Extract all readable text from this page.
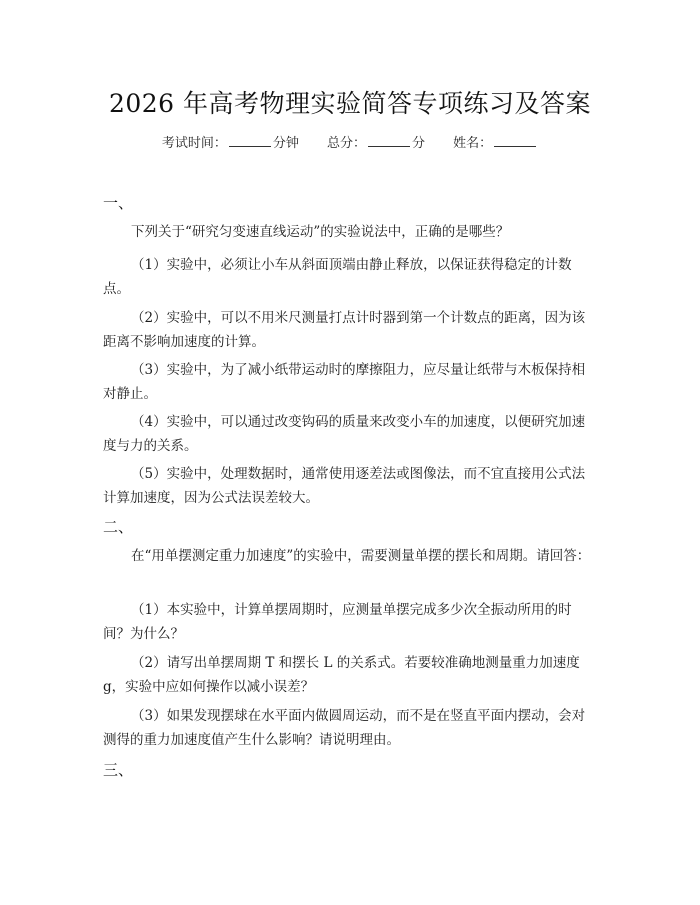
2026 年高考物理实验简答专项练习及答案
考试时间：	分钟 总分：	分 姓名：
一、
下列关于“研究匀变速直线运动”的实验说法中，正确的是哪些？
（1）实验中，必须让小车从斜面顶端由静止释放，以保证获得稳定的计数点。
（2）实验中，可以不用米尺测量打点计时器到第一个计数点的距离，因为该距离不影响加速度的计算。
（3）实验中，为了减小纸带运动时的摩擦阻力，应尽量让纸带与木板保持相对静止。
（4）实验中，可以通过改变钩码的质量来改变小车的加速度，以便研究加速度与力的关系。
（5）实验中，处理数据时，通常使用逐差法或图像法，而不宜直接用公式法计算加速度，因为公式法误差较大。
二、
在“用单摆测定重力加速度”的实验中，需要测量单摆的摆长和周期。请回答：
（1）本实验中，计算单摆周期时，应测量单摆完成多少次全振动所用的时间？为什么？
（2）请写出单摆周期 T 和摆长 L 的关系式。若要较准确地测量重力加速度 g，实验中应如何操作以减小误差？
（3）如果发现摆球在水平面内做圆周运动，而不是在竖直平面内摆动，会对测得的重力加速度值产生什么影响？请说明理由。
三、
